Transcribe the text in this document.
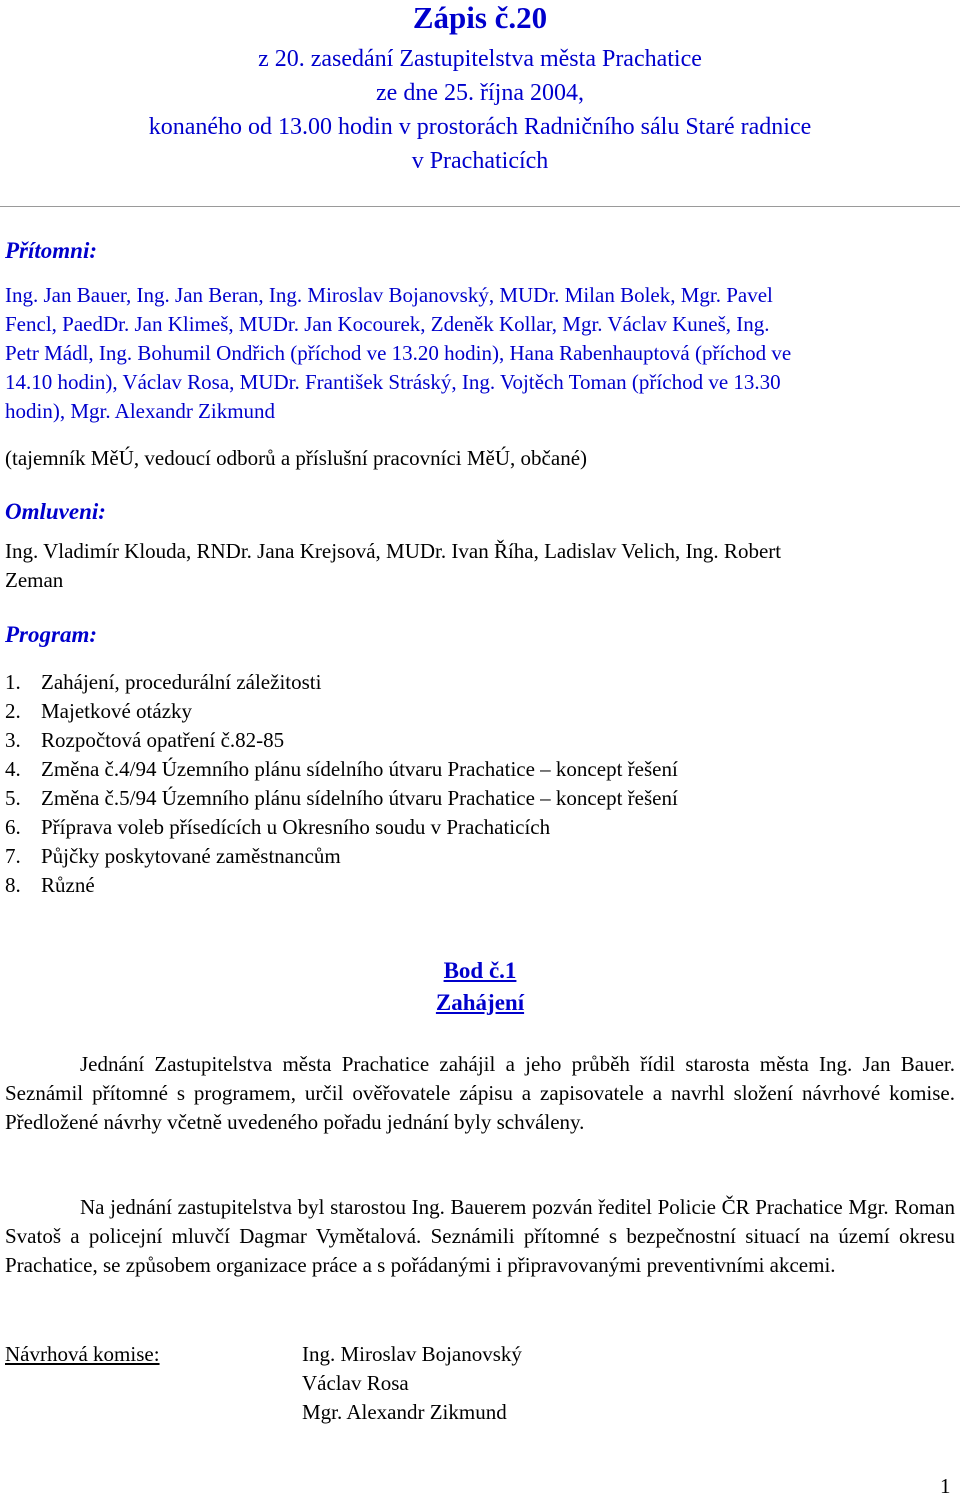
Zápis č.20
z 20. zasedání Zastupitelstva města Prachatice
ze dne 25. října 2004,
konaného od 13.00 hodin v prostorách Radničního sálu Staré radnice
v Prachaticích
Přítomni:
Ing. Jan Bauer, Ing. Jan Beran, Ing. Miroslav Bojanovský, MUDr. Milan Bolek, Mgr. Pavel
Fencl, PaedDr. Jan Klimeš, MUDr. Jan Kocourek, Zdeněk Kollar, Mgr. Václav Kuneš, Ing.
Petr Mádl, Ing. Bohumil Ondřich (příchod ve 13.20 hodin), Hana Rabenhauptová (příchod ve
14.10 hodin), Václav Rosa, MUDr. František Stráský, Ing. Vojtěch Toman (příchod ve 13.30
hodin), Mgr. Alexandr Zikmund
(tajemník MěÚ, vedoucí odborů a příslušní pracovníci MěÚ, občané)
Omluveni:
Ing. Vladimír Klouda, RNDr. Jana Krejsová, MUDr. Ivan Říha, Ladislav Velich, Ing. Robert
Zeman
Program:
1. Zahájení, procedurální záležitosti
2. Majetkové otázky
3. Rozpočtová opatření č.82-85
4. Změna č.4/94 Územního plánu sídelního útvaru Prachatice – koncept řešení
5. Změna č.5/94 Územního plánu sídelního útvaru Prachatice – koncept řešení
6. Příprava voleb přísedících u Okresního soudu v Prachaticích
7. Půjčky poskytované zaměstnancům
8. Různé
Bod č.1
Zahájení

Jednání Zastupitelstva města Prachatice zahájil a jeho průběh řídil starosta města Ing. Jan Bauer. Seznámil přítomné s programem, určil ověřovatele zápisu a zapisovatele a navrhl složení návrhové komise. Předložené návrhy včetně uvedeného pořadu jednání byly schváleny.

Na jednání zastupitelstva byl starostou Ing. Bauerem pozván ředitel Policie ČR Prachatice Mgr. Roman Svatoš a policejní mluvčí Dagmar Vymětalová. Seznámili přítomné s bezpečnostní situací na území okresu Prachatice, se způsobem organizace práce a s pořádanými i připravovanými preventivními akcemi.

Návrhová komise:	Ing. Miroslav Bojanovský
Václav Rosa
Mgr. Alexandr Zikmund
1
